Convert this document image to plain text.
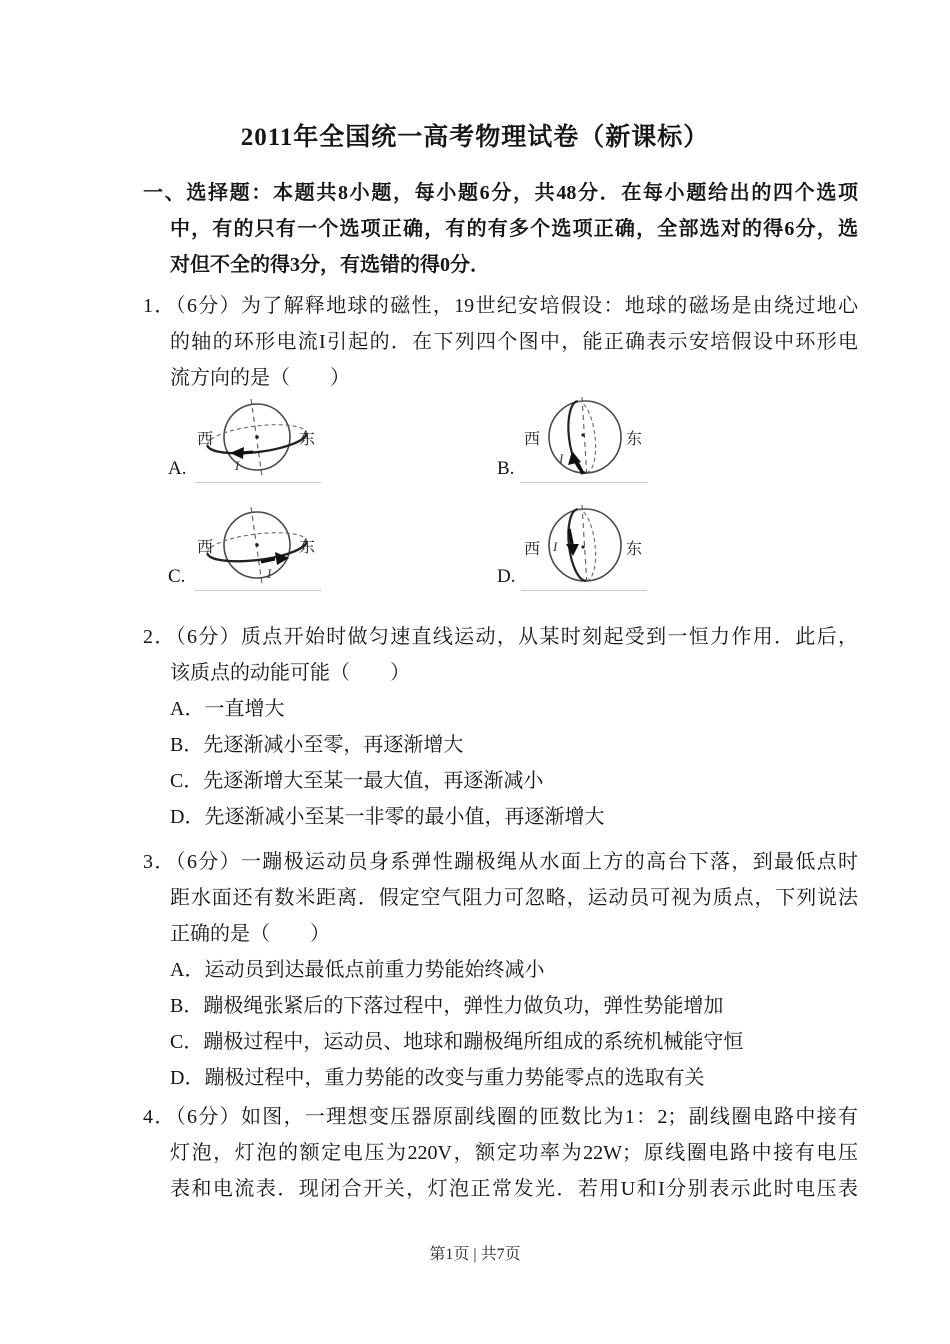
2011年全国统一高考物理试卷（新课标）
一、选择题：本题共8小题，每小题6分，共48分．在每小题给出的四个选项
中，有的只有一个选项正确，有的有多个选项正确，全部选对的得6分，选
对但不全的得3分，有选错的得0分．
1．（6分）为了解释地球的磁性，19世纪安培假设：地球的磁场是由绕过地心
的轴的环形电流I引起的．在下列四个图中，能正确表示安培假设中环形电
流方向的是（　　）
A.	I
西	东
B.	I
西	东
C.	I
西	东
D.
I
西	东
2．（6分）质点开始时做匀速直线运动，从某时刻起受到一恒力作用．此后，
该质点的动能可能（　　）
A．一直增大
B．先逐渐减小至零，再逐渐增大
C．先逐渐增大至某一最大值，再逐渐减小
D．先逐渐减小至某一非零的最小值，再逐渐增大
3．（6分）一蹦极运动员身系弹性蹦极绳从水面上方的高台下落，到最低点时
距水面还有数米距离．假定空气阻力可忽略，运动员可视为质点，下列说法
正确的是（　　）
A．运动员到达最低点前重力势能始终减小
B．蹦极绳张紧后的下落过程中，弹性力做负功，弹性势能增加
C．蹦极过程中，运动员、地球和蹦极绳所组成的系统机械能守恒
D．蹦极过程中，重力势能的改变与重力势能零点的选取有关
4．（6分）如图，一理想变压器原副线圈的匝数比为1：2；副线圈电路中接有
灯泡，灯泡的额定电压为220V，额定功率为22W；原线圈电路中接有电压
表和电流表．现闭合开关，灯泡正常发光．若用U和I分别表示此时电压表
第1页 | 共7页
